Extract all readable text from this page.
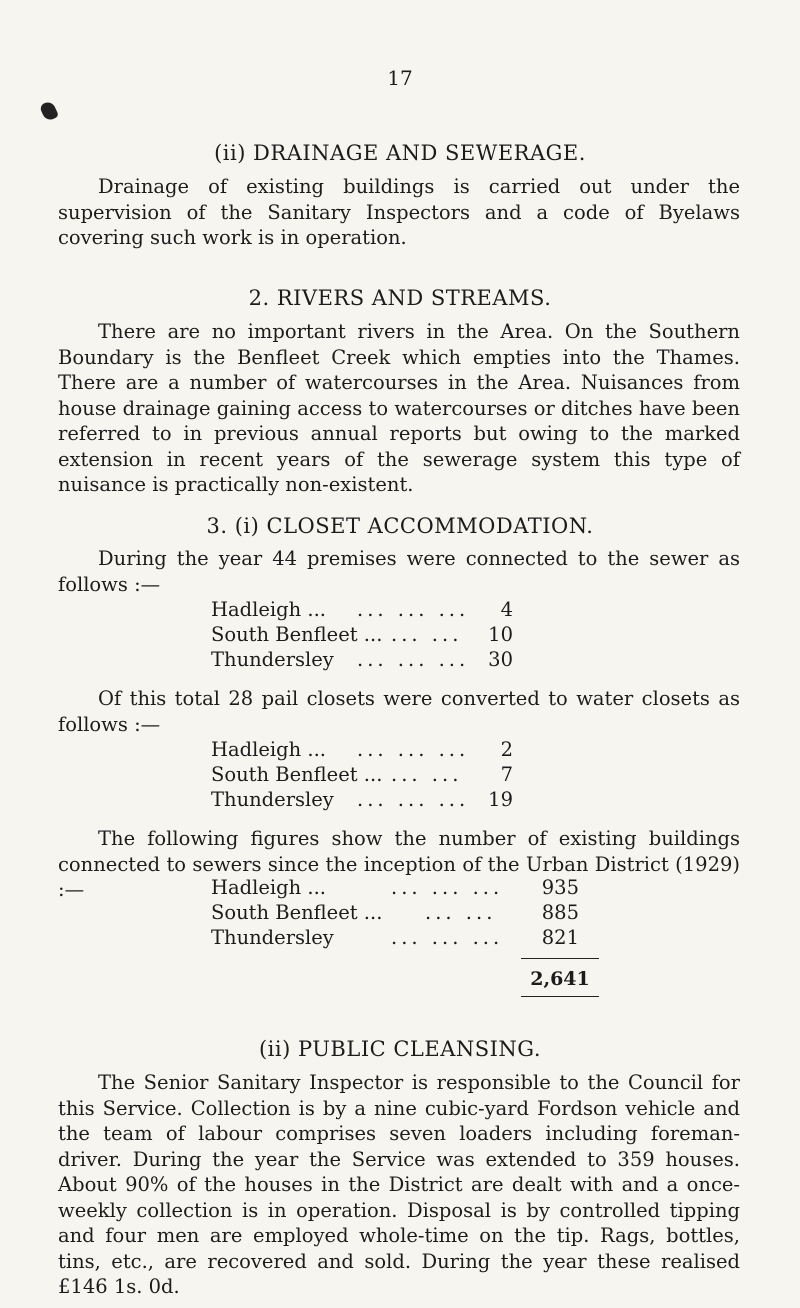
17
(ii) DRAINAGE AND SEWERAGE.

Drainage of existing buildings is carried out under the supervision of the Sanitary Inspectors and a code of Byelaws covering such work is in operation.

2. RIVERS AND STREAMS.

There are no important rivers in the Area. On the Southern Boundary is the Benfleet Creek which empties into the Thames. There are a number of watercourses in the Area. Nuisances from house drainage gaining access to watercourses or ditches have been referred to in previous annual reports but owing to the marked extension in recent years of the sewerage system this type of nuisance is practically non-existent.

3. (i) CLOSET ACCOMMODATION.

During the year 44 premises were connected to the sewer as follows :—

Hadleigh ... ... ... ... 4
South Benfleet ... ... ... 10
Thundersley ... ... ... 30

Of this total 28 pail closets were converted to water closets as follows :—

Hadleigh ... ... ... ... 2
South Benfleet ... ... ... 7
Thundersley ... ... ... 19

The following figures show the number of existing buildings connected to sewers since the inception of the Urban District (1929) :—	Hadleigh ...	... ... ... 935
South Benfleet ... ... ... 885
Thundersley	... ... ... 821
2,641
(ii) PUBLIC CLEANSING.

The Senior Sanitary Inspector is responsible to the Council for this Service. Collection is by a nine cubic-yard Fordson vehicle and the team of labour comprises seven loaders including foreman-driver. During the year the Service was extended to 359 houses. About 90% of the houses in the District are dealt with and a once-weekly collection is in operation. Disposal is by controlled tipping and four men are employed whole-time on the tip. Rags, bottles, tins, etc., are recovered and sold. During the year these realised £146 1s. 0d.
